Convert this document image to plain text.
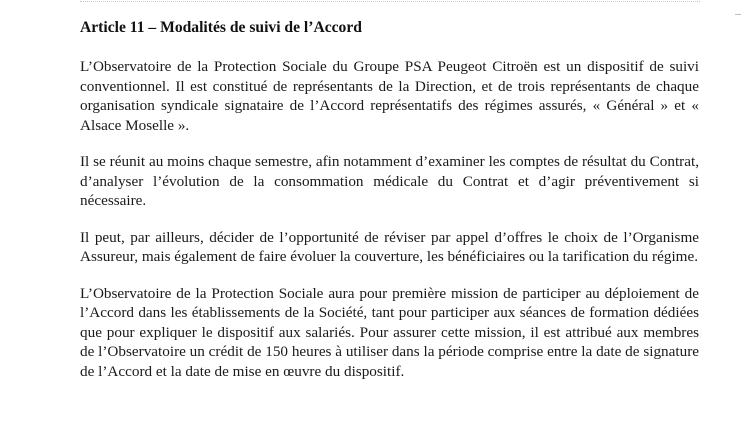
Article 11 – Modalités de suivi de l’Accord

L’Observatoire de la Protection Sociale du Groupe PSA Peugeot Citroën est un dispositif de suivi conventionnel. Il est constitué de représentants de la Direction, et de trois représentants de chaque organisation syndicale signataire de l’Accord représentatifs des régimes assurés, « Général » et « Alsace Moselle ».

Il se réunit au moins chaque semestre, afin notamment d’examiner les comptes de résultat du Contrat, d’analyser l’évolution de la consommation médicale du Contrat et d’agir préventivement si nécessaire.

Il peut, par ailleurs, décider de l’opportunité de réviser par appel d’offres le choix de l’Organisme Assureur, mais également de faire évoluer la couverture, les bénéficiaires ou la tarification du régime.

L’Observatoire de la Protection Sociale aura pour première mission de participer au déploiement de l’Accord dans les établissements de la Société, tant pour participer aux séances de formation dédiées que pour expliquer le dispositif aux salariés. Pour assurer cette mission, il est attribué aux membres de l’Observatoire un crédit de 150 heures à utiliser dans la période comprise entre la date de signature de l’Accord et la date de mise en œuvre du dispositif.
